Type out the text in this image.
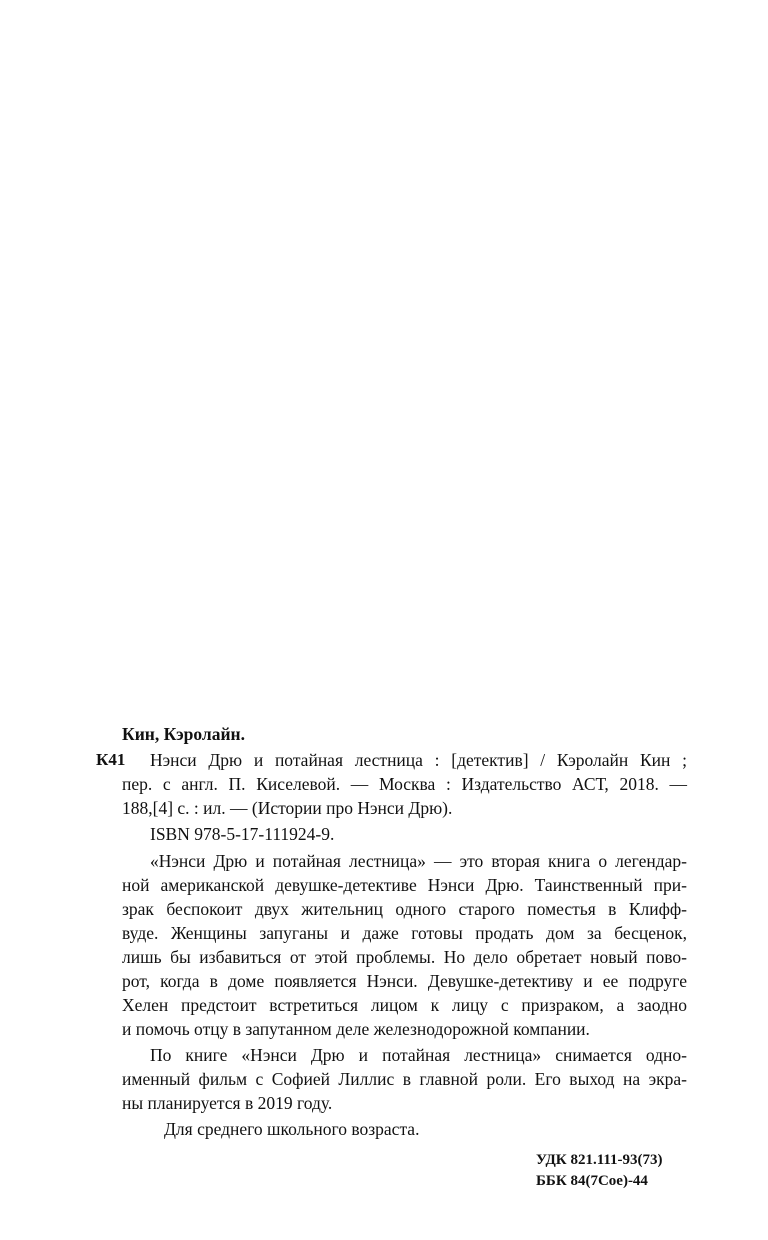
Кин, Кэролайн.
К41 Нэнси Дрю и потайная лестница : [детектив] / Кэролайн Кин ;
пер. с англ. П. Киселевой. — Москва : Издательство АСТ, 2018. —
188,[4] с. : ил. — (Истории про Нэнси Дрю).
ISBN 978-5-17-111924-9.
«Нэнси Дрю и потайная лестница» — это вторая книга о легендар-
ной американской девушке-детективе Нэнси Дрю. Таинственный при-
зрак беспокоит двух жительниц одного старого поместья в Клифф-
вуде. Женщины запуганы и даже готовы продать дом за бесценок,
лишь бы избавиться от этой проблемы. Но дело обретает новый пово-
рот, когда в доме появляется Нэнси. Девушке-детективу и ее подруге
Хелен предстоит встретиться лицом к лицу с призраком, а заодно
и помочь отцу в запутанном деле железнодорожной компании.
По книге «Нэнси Дрю и потайная лестница» снимается одно-
именный фильм с Софией Лиллис в главной роли. Его выход на экра-
ны планируется в 2019 году.
Для среднего школьного возраста.
УДК 821.111-93(73)
ББК 84(7Сое)-44
